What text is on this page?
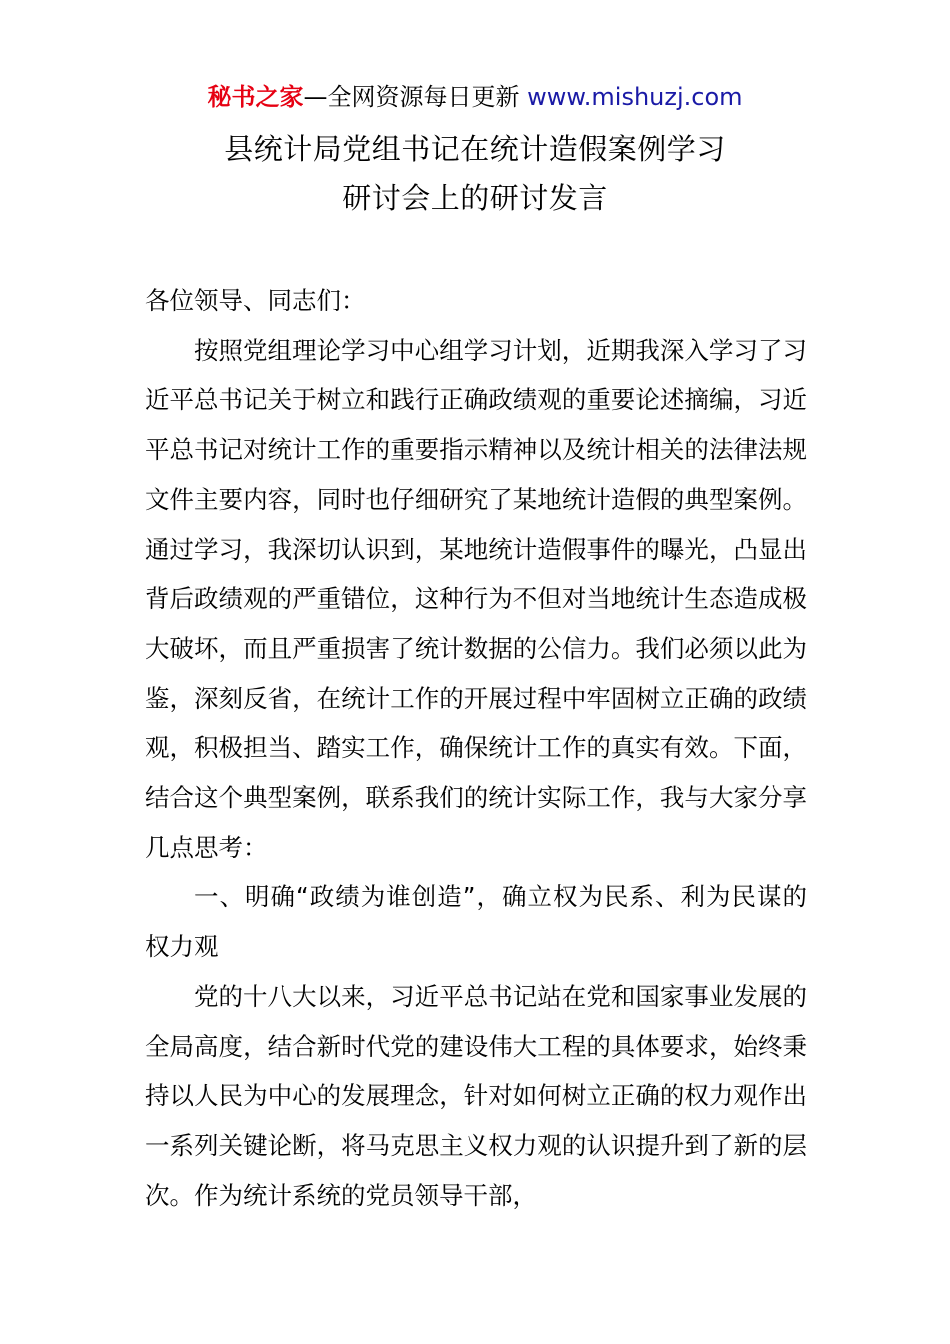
秘书之家—全网资源每日更新 www.mishuzj.com
县统计局党组书记在统计造假案例学习
研讨会上的研讨发言

各位领导、同志们：

按照党组理论学习中心组学习计划，近期我深入学习了习近平总书记关于树立和践行正确政绩观的重要论述摘编，习近平总书记对统计工作的重要指示精神以及统计相关的法律法规文件主要内容，同时也仔细研究了某地统计造假的典型案例。通过学习，我深切认识到，某地统计造假事件的曝光，凸显出背后政绩观的严重错位，这种行为不但对当地统计生态造成极大破坏，而且严重损害了统计数据的公信力。我们必须以此为鉴，深刻反省，在统计工作的开展过程中牢固树立正确的政绩观，积极担当、踏实工作，确保统计工作的真实有效。下面，结合这个典型案例，联系我们的统计实际工作，我与大家分享几点思考：

一、明确“政绩为谁创造”，确立权为民系、利为民谋的权力观

党的十八大以来，习近平总书记站在党和国家事业发展的全局高度，结合新时代党的建设伟大工程的具体要求，始终秉持以人民为中心的发展理念，针对如何树立正确的权力观作出一系列关键论断，将马克思主义权力观的认识提升到了新的层次。作为统计系统的党员领导干部，
